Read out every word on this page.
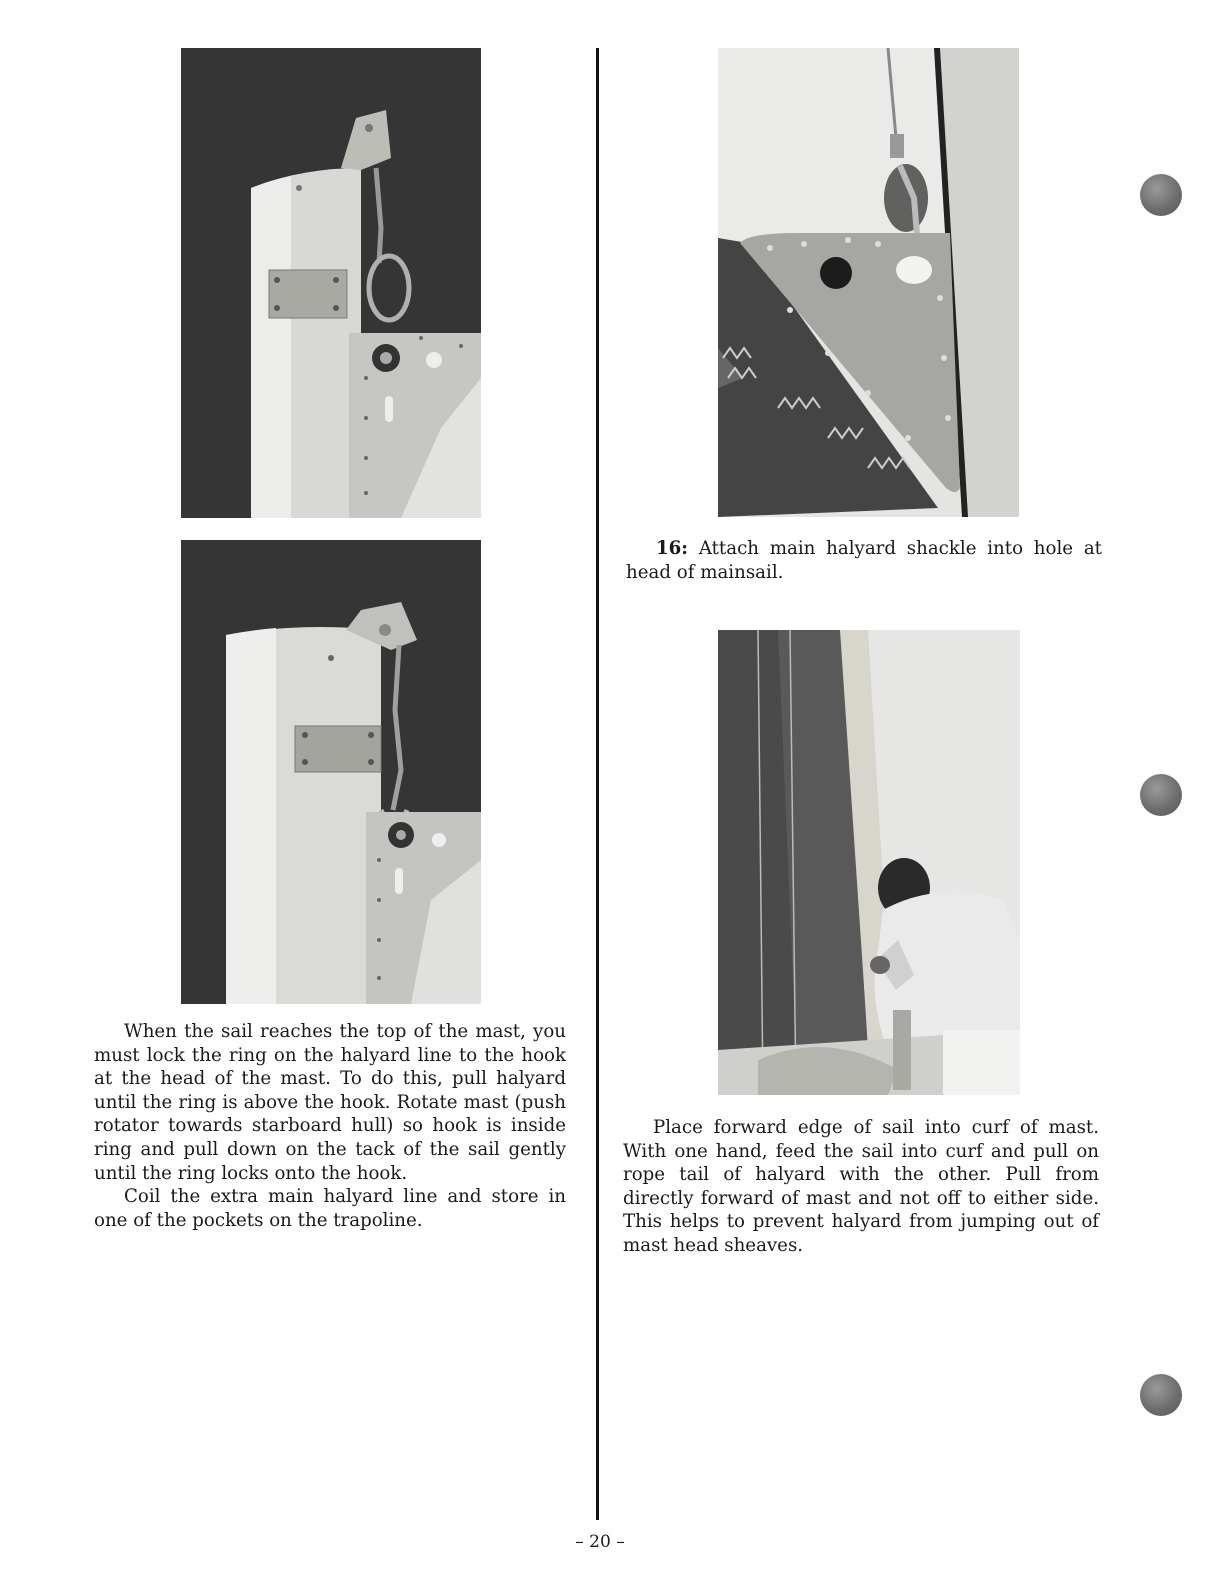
When the sail reaches the top of the mast, you must lock the ring on the halyard line to the hook at the head of the mast. To do this, pull halyard until the ring is above the hook. Rotate mast (push rotator towards starboard hull) so hook is inside ring and pull down on the tack of the sail gently until the ring locks onto the hook.

Coil the extra main halyard line and store in one of the pockets on the trapoline.

16: Attach main halyard shackle into hole at head of mainsail.

Place forward edge of sail into curf of mast. With one hand, feed the sail into curf and pull on rope tail of halyard with the other. Pull from directly forward of mast and not off to either side. This helps to prevent halyard from jumping out of mast head sheaves.

– 20 –
